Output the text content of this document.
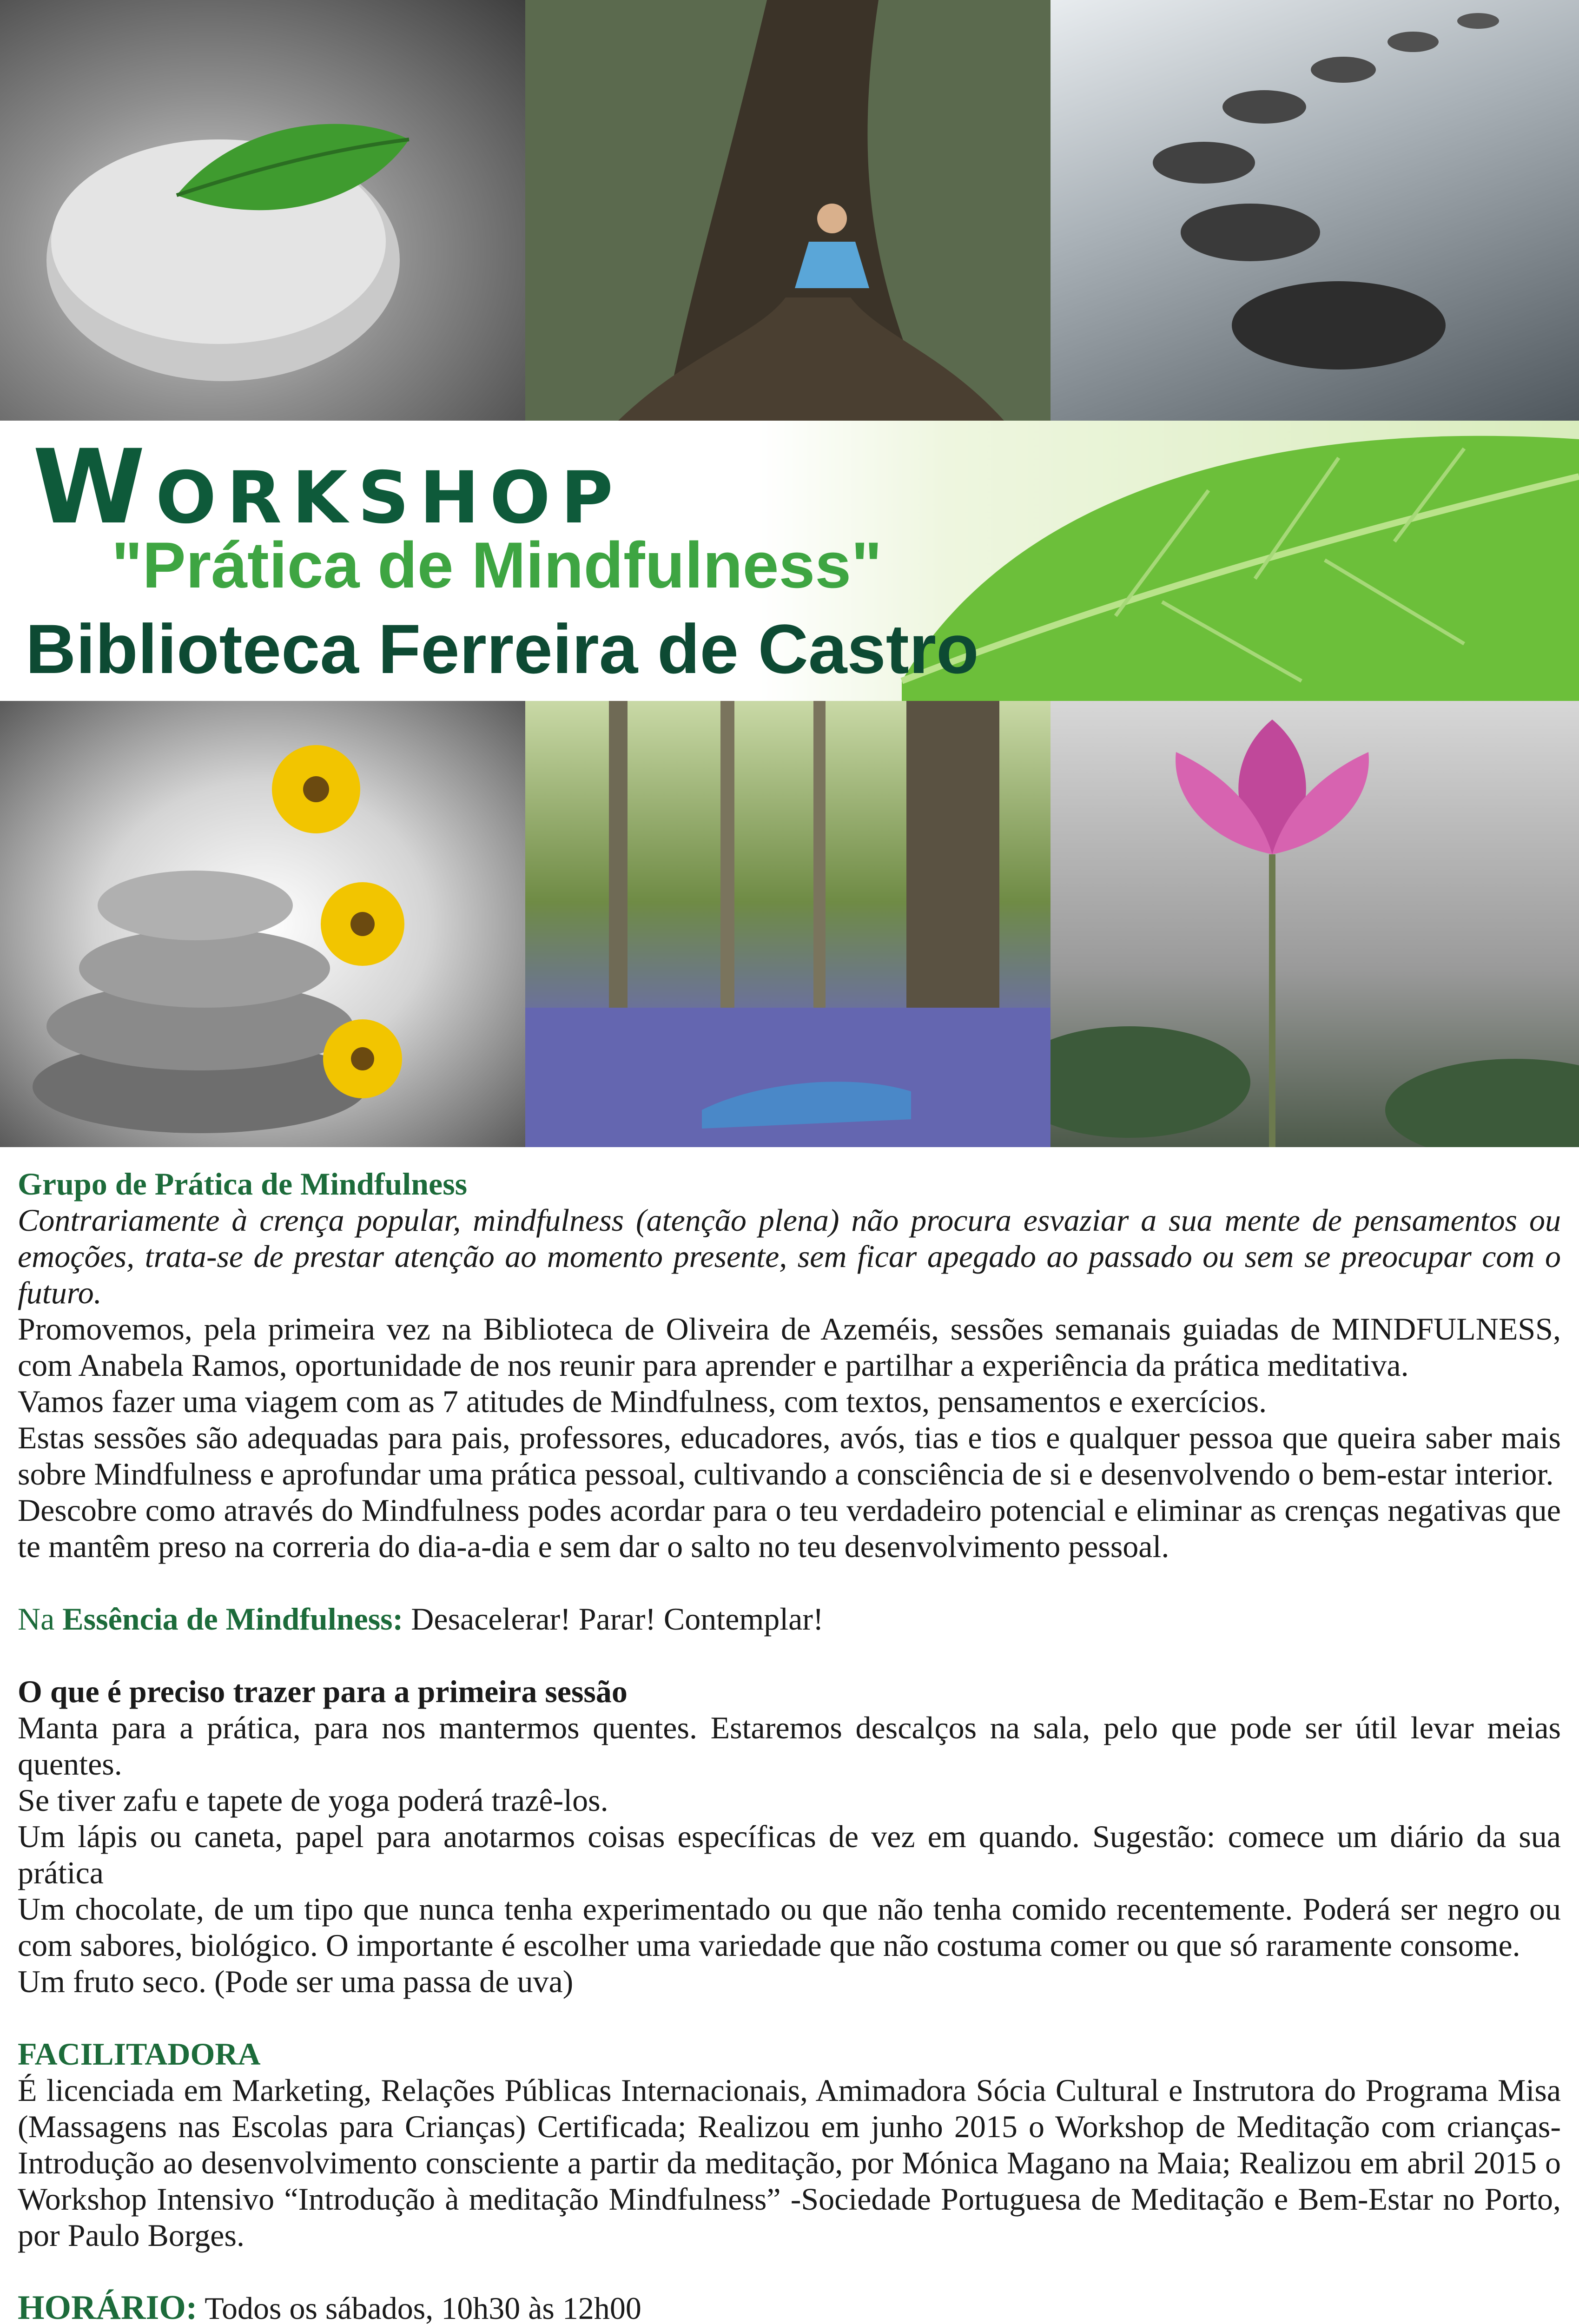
Workshop
"Prática de Mindfulness"
Biblioteca Ferreira de Castro

Grupo de Prática de Mindfulness

Contrariamente à crença popular, mindfulness (atenção plena) não procura esvaziar a sua mente de pensamentos ou emoções, trata-se de prestar atenção ao momento presente, sem ficar apegado ao passado ou sem se preocupar com o futuro.

Promovemos, pela primeira vez na Biblioteca de Oliveira de Azeméis, sessões semanais guiadas de MINDFULNESS, com Anabela Ramos, oportunidade de nos reunir para aprender e partilhar a experiência da prática meditativa.

Vamos fazer uma viagem com as 7 atitudes de Mindfulness, com textos, pensamentos e exercícios.

Estas sessões são adequadas para pais, professores, educadores, avós, tias e tios e qualquer pessoa que queira saber mais sobre Mindfulness e aprofundar uma prática pessoal, cultivando a consciência de si e desenvolvendo o bem-estar interior.

Descobre como através do Mindfulness podes acordar para o teu verdadeiro potencial e eliminar as crenças negativas que te mantêm preso na correria do dia-a-dia e sem dar o salto no teu desenvolvimento pessoal.

Na Essência de Mindfulness: Desacelerar! Parar! Contemplar!

O que é preciso trazer para a primeira sessão

Manta para a prática, para nos mantermos quentes. Estaremos descalços na sala, pelo que pode ser útil levar meias quentes.

Se tiver zafu e tapete de yoga poderá trazê-los.

Um lápis ou caneta, papel para anotarmos coisas específicas de vez em quando. Sugestão: comece um diário da sua prática

Um chocolate, de um tipo que nunca tenha experimentado ou que não tenha comido recentemente. Poderá ser negro ou com sabores, biológico. O importante é escolher uma variedade que não costuma comer ou que só raramente consome.

Um fruto seco. (Pode ser uma passa de uva)

FACILITADORA

É licenciada em Marketing, Relações Públicas Internacionais, Amimadora Sócia Cultural e Instrutora do Programa Misa (Massagens nas Escolas para Crianças) Certificada; Realizou em junho 2015 o Workshop de Meditação com crianças- Introdução ao desenvolvimento consciente a partir da meditação, por Mónica Magano na Maia; Realizou em abril 2015 o Workshop Intensivo “Introdução à meditação Mindfulness” -Sociedade Portuguesa de Meditação e Bem-Estar no Porto, por Paulo Borges.

HORÁRIO: Todos os sábados, 10h30 às 12h00
